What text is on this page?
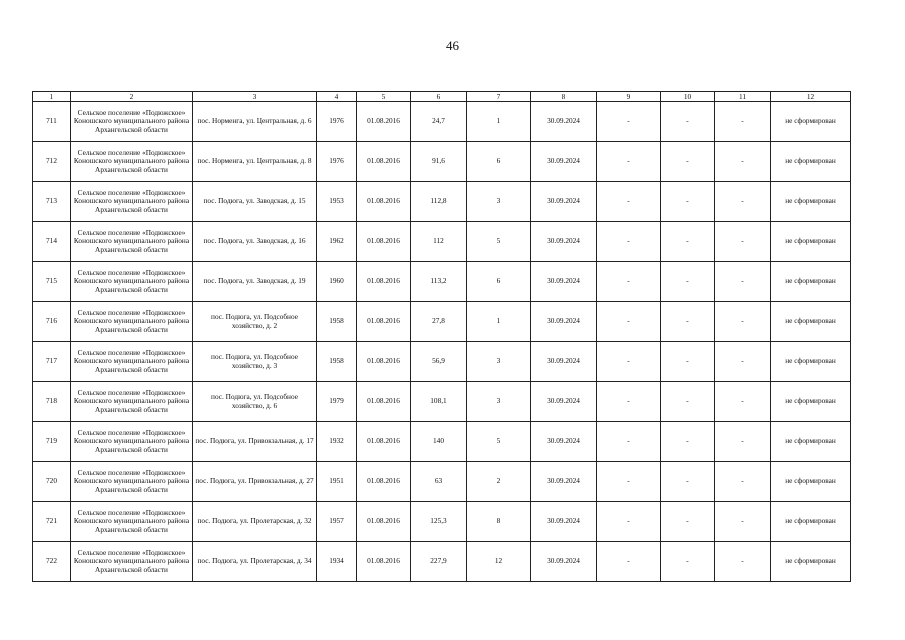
46
1	2	3	4	5	6	7	8	9	10	11	12
711	Сельское поселение «Подюжское» Коношского муниципального района Архангельской области	пос. Норменга, ул. Центральная, д. 6	1976	01.08.2016	24,7	1	30.09.2024	-	-	-	не сформирован
712	Сельское поселение «Подюжское» Коношского муниципального района Архангельской области	пос. Норменга, ул. Центральная, д. 8	1976	01.08.2016	91,6	6	30.09.2024	-	-	-	не сформирован
713	Сельское поселение «Подюжское» Коношского муниципального района Архангельской области	пос. Подюга, ул. Заводская, д. 15	1953	01.08.2016	112,8	3	30.09.2024	-	-	-	не сформирован
714	Сельское поселение «Подюжское» Коношского муниципального района Архангельской области	пос. Подюга, ул. Заводская, д. 16	1962	01.08.2016	112	5	30.09.2024	-	-	-	не сформирован
715	Сельское поселение «Подюжское» Коношского муниципального района Архангельской области	пос. Подюга, ул. Заводская, д. 19	1960	01.08.2016	113,2	6	30.09.2024	-	-	-	не сформирован
716	Сельское поселение «Подюжское» Коношского муниципального района Архангельской области	пос. Подюга, ул. Подсобное хозяйство, д. 2	1958	01.08.2016	27,8	1	30.09.2024	-	-	-	не сформирован
717	Сельское поселение «Подюжское» Коношского муниципального района Архангельской области	пос. Подюга, ул. Подсобное хозяйство, д. 3	1958	01.08.2016	56,9	3	30.09.2024	-	-	-	не сформирован
718	Сельское поселение «Подюжское» Коношского муниципального района Архангельской области	пос. Подюга, ул. Подсобное хозяйство, д. 6	1979	01.08.2016	108,1	3	30.09.2024	-	-	-	не сформирован
719	Сельское поселение «Подюжское» Коношского муниципального района Архангельской области	пос. Подюга, ул. Привокзальная, д. 17	1932	01.08.2016	140	5	30.09.2024	-	-	-	не сформирован
720	Сельское поселение «Подюжское» Коношского муниципального района Архангельской области	пос. Подюга, ул. Привокзальная, д. 27	1951	01.08.2016	63	2	30.09.2024	-	-	-	не сформирован
721	Сельское поселение «Подюжское» Коношского муниципального района Архангельской области	пос. Подюга, ул. Пролетарская, д. 32	1957	01.08.2016	125,3	8	30.09.2024	-	-	-	не сформирован
722	Сельское поселение «Подюжское» Коношского муниципального района Архангельской области	пос. Подюга, ул. Пролетарская, д. 34	1934	01.08.2016	227,9	12	30.09.2024	-	-	-	не сформирован
